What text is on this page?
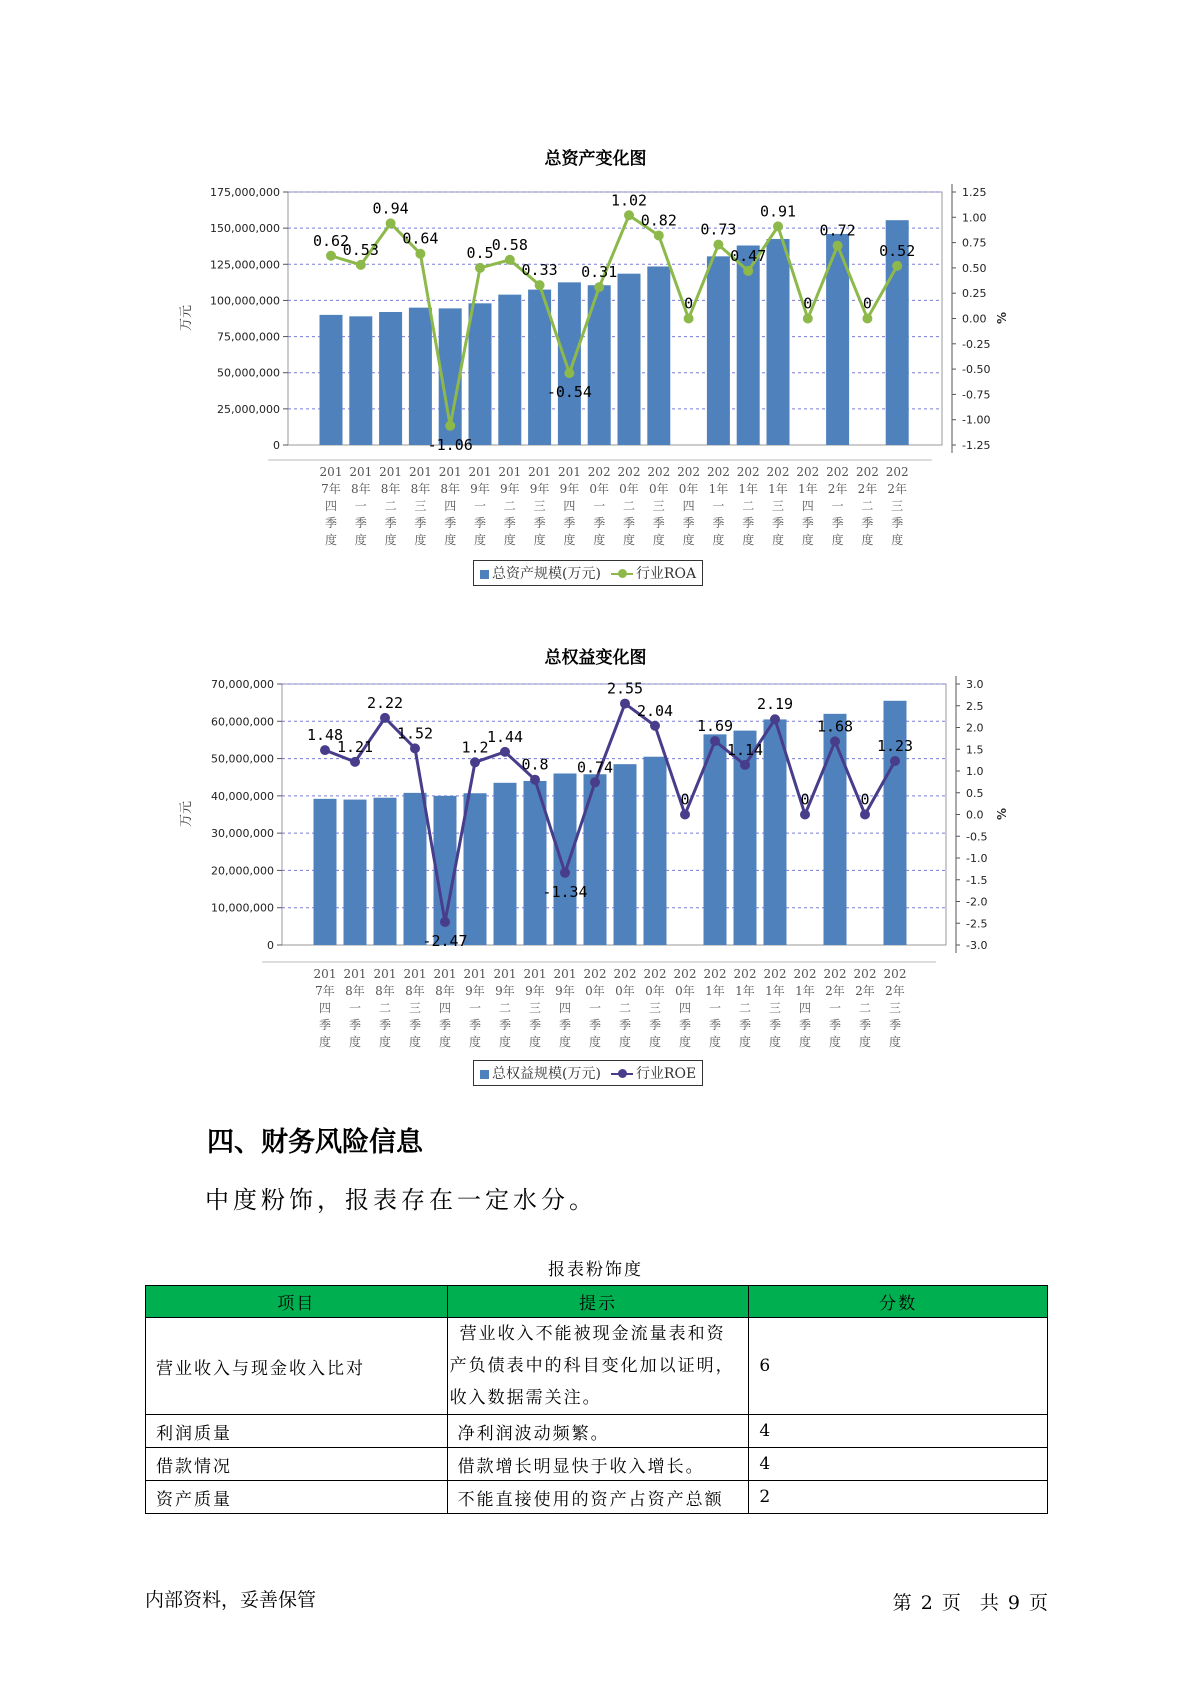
总资产变化图
175,000,000
150,000,000
125,000,000
100,000,000
75,000,000
50,000,000
25,000,000
0
1.25
1.00
0.75
0.50
0.25
0.00
-0.25
-0.50
-0.75
-1.00
-1.25
万元	%
0.62
0.53
0.94
0.64
-1.06
0.5
0.58
0.33
-0.54
0.31
1.02
0.82
0
0.73
0.47
0.91
0
0.72
0
0.52
201 201 201 201 201 201 201 201 201 202 202 202 202 202 202 202 202 202 202 202
7年 8年 8年 8年 8年 9年 9年 9年 9年 0年 0年 0年 0年 1年 1年 1年 1年 2年 2年 2年
四 一 二 三 四 一 二 三 四 一 二 三 四 一 二 三 四 一 二 三
季 季 季 季 季 季 季 季 季 季 季 季 季 季 季 季 季 季 季 季
度 度 度 度 度 度 度 度 度 度 度 度 度 度 度 度 度 度 度 度
总资产规模(万元)	行业ROA
总权益变化图
70,000,000
60,000,000
50,000,000
40,000,000
30,000,000
20,000,000
10,000,000
0
3.0
2.5
2.0
1.5
1.0
0.5
0.0
-0.5
-1.0
-1.5
-2.0
-2.5
-3.0
万元	%
1.48
1.21
2.22
1.52
-2.47
1.2
1.44
0.8
-1.34
0.74
2.55
2.04
0
1.69
1.14
2.19
0
1.68
0
1.23
201 201 201 201 201 201 201 201 201 202 202 202 202 202 202 202 202 202 202 202
7年 8年 8年 8年 8年 9年 9年 9年 9年 0年 0年 0年 0年 1年 1年 1年 1年 2年 2年 2年
四 一 二 三 四 一 二 三 四 一 二 三 四 一 二 三 四 一 二 三
季 季 季 季 季 季 季 季 季 季 季 季 季 季 季 季 季 季 季 季
度 度 度 度 度 度 度 度 度 度 度 度 度 度 度 度 度 度 度 度
总权益规模(万元)	行业ROE
四、财务风险信息
中度粉饰，报表存在一定水分。
报表粉饰度
项目	提示	分数
营业收入与现金收入比对	营业收入不能被现金流量表和资
产负债表中的科目变化加以证明，
收入数据需关注。	6
利润质量	净利润波动频繁。	4
借款情况	借款增长明显快于收入增长。	4
资产质量	不能直接使用的资产占资产总额	2
内部资料，妥善保管	第 2 页　共 9 页
